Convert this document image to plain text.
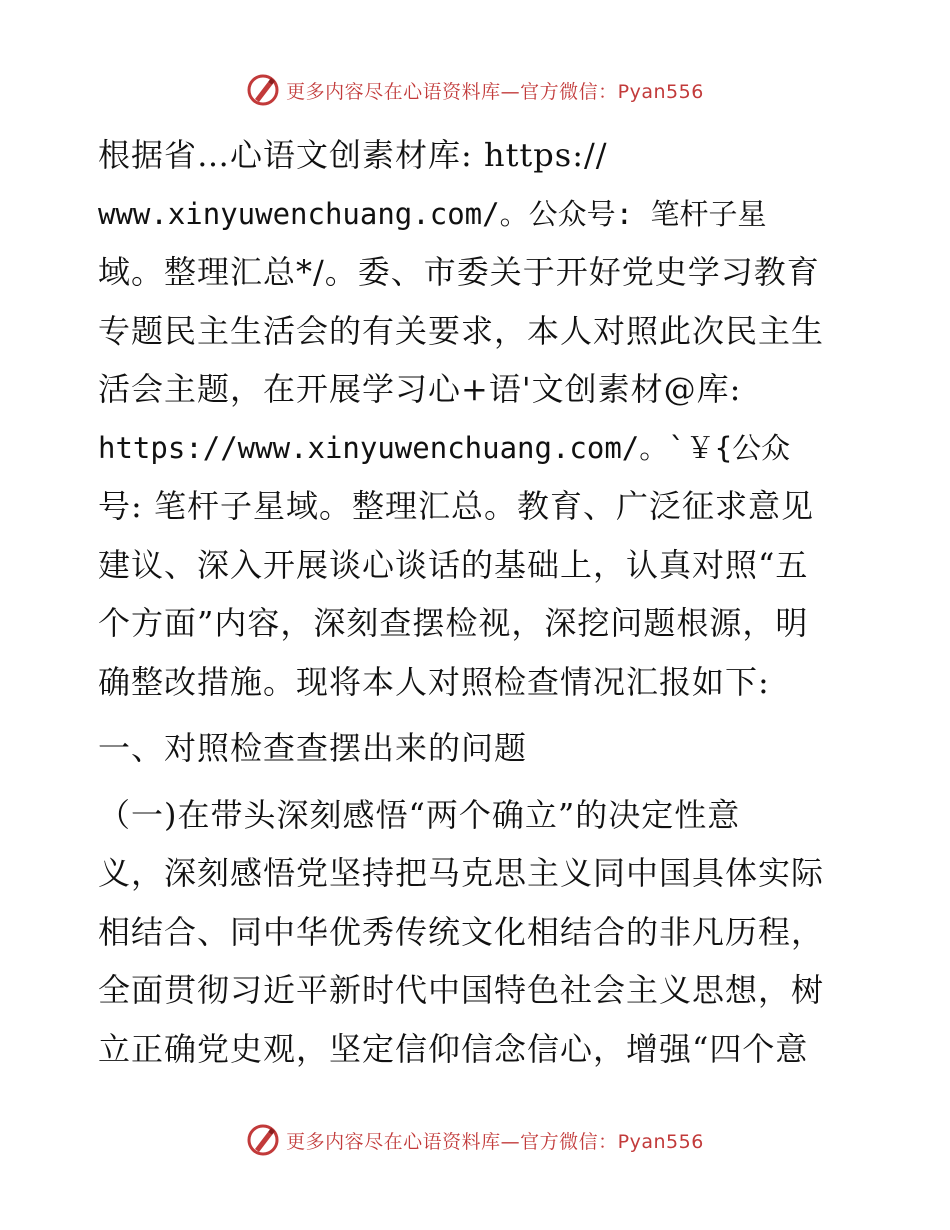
更多内容尽在心语资料库—官方微信：Pyan556
根据省…心语文创素材库: https://
www.xinyuwenchuang.com/。公众号: 笔杆子星
域。整理汇总*/。委、市委关于开好党史学习教育
专题民主生活会的有关要求，本人对照此次民主生
活会主题，在开展学习心+语'文创素材@库:
https://www.xinyuwenchuang.com/。`￥{公众
号: 笔杆子星域。整理汇总。教育、广泛征求意见
建议、深入开展谈心谈话的基础上，认真对照“五
个方面”内容，深刻查摆检视，深挖问题根源，明
确整改措施。现将本人对照检查情况汇报如下:
一、对照检查查摆出来的问题
（一)在带头深刻感悟“两个确立”的决定性意
义，深刻感悟党坚持把马克思主义同中国具体实际
相结合、同中华优秀传统文化相结合的非凡历程，
全面贯彻习近平新时代中国特色社会主义思想，树
立正确党史观，坚定信仰信念信心，增强“四个意
更多内容尽在心语资料库—官方微信：Pyan556
